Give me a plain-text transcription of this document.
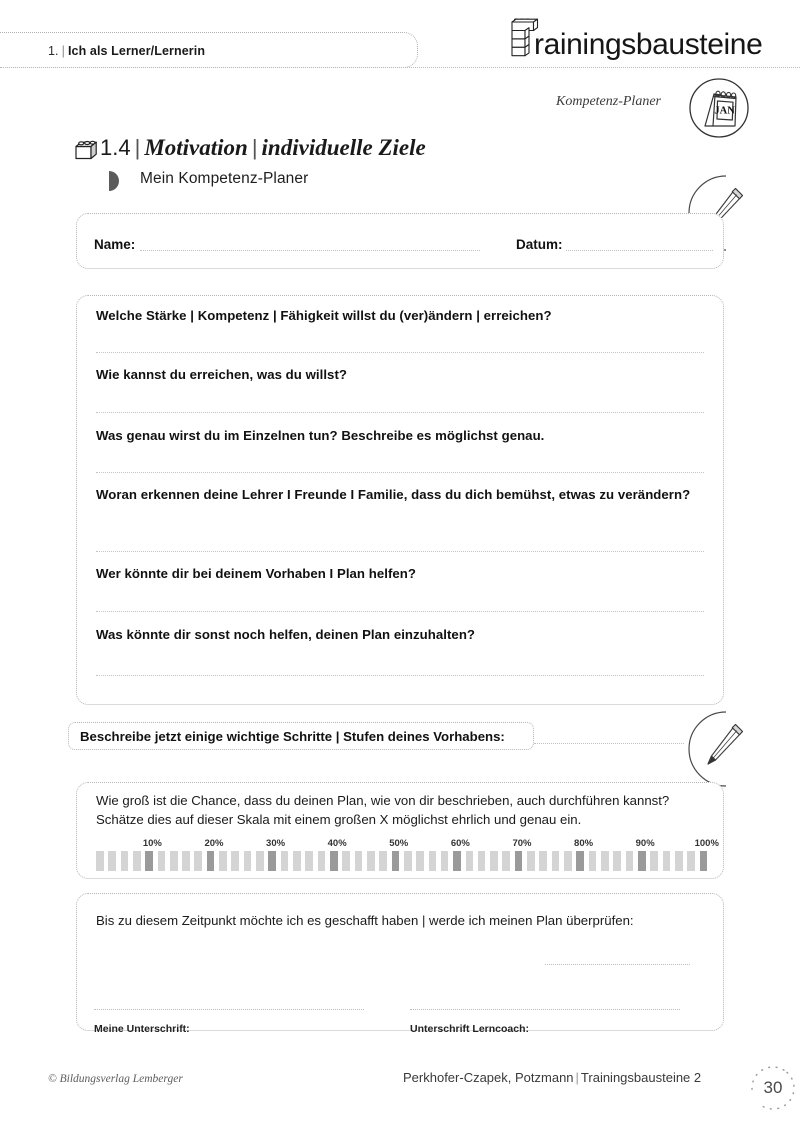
1. | Ich als Lerner/Lernerin	rainingsbausteine
Kompetenz-Planer
JAN
1.4 | Motivation | individuelle Ziele
Mein Kompetenz-Planer
Name:	Datum:
Welche Stärke | Kompetenz | Fähigkeit willst du (ver)ändern | erreichen?
Wie kannst du erreichen, was du willst?
Was genau wirst du im Einzelnen tun? Beschreibe es möglichst genau.
Woran erkennen deine Lehrer I Freunde I Familie, dass du dich bemühst, etwas zu verändern?
Wer könnte dir bei deinem Vorhaben I Plan helfen?
Was könnte dir sonst noch helfen, deinen Plan einzuhalten?
Beschreibe jetzt einige wichtige Schritte | Stufen deines Vorhabens:
Wie groß ist die Chance, dass du deinen Plan, wie von dir beschrieben, auch durchführen kannst? Schätze dies auf dieser Skala mit einem großen X möglichst ehrlich und genau ein.
10%	20%	30%	40%	50%	60%	70%	80%	90%	100%
Bis zu diesem Zeitpunkt möchte ich es geschafft haben | werde ich meinen Plan überprüfen:
Meine Unterschrift:	Unterschrift Lerncoach:
© Bildungsverlag Lemberger	Perkhofer-Czapek, Potzmann | Trainingsbausteine 2
30
